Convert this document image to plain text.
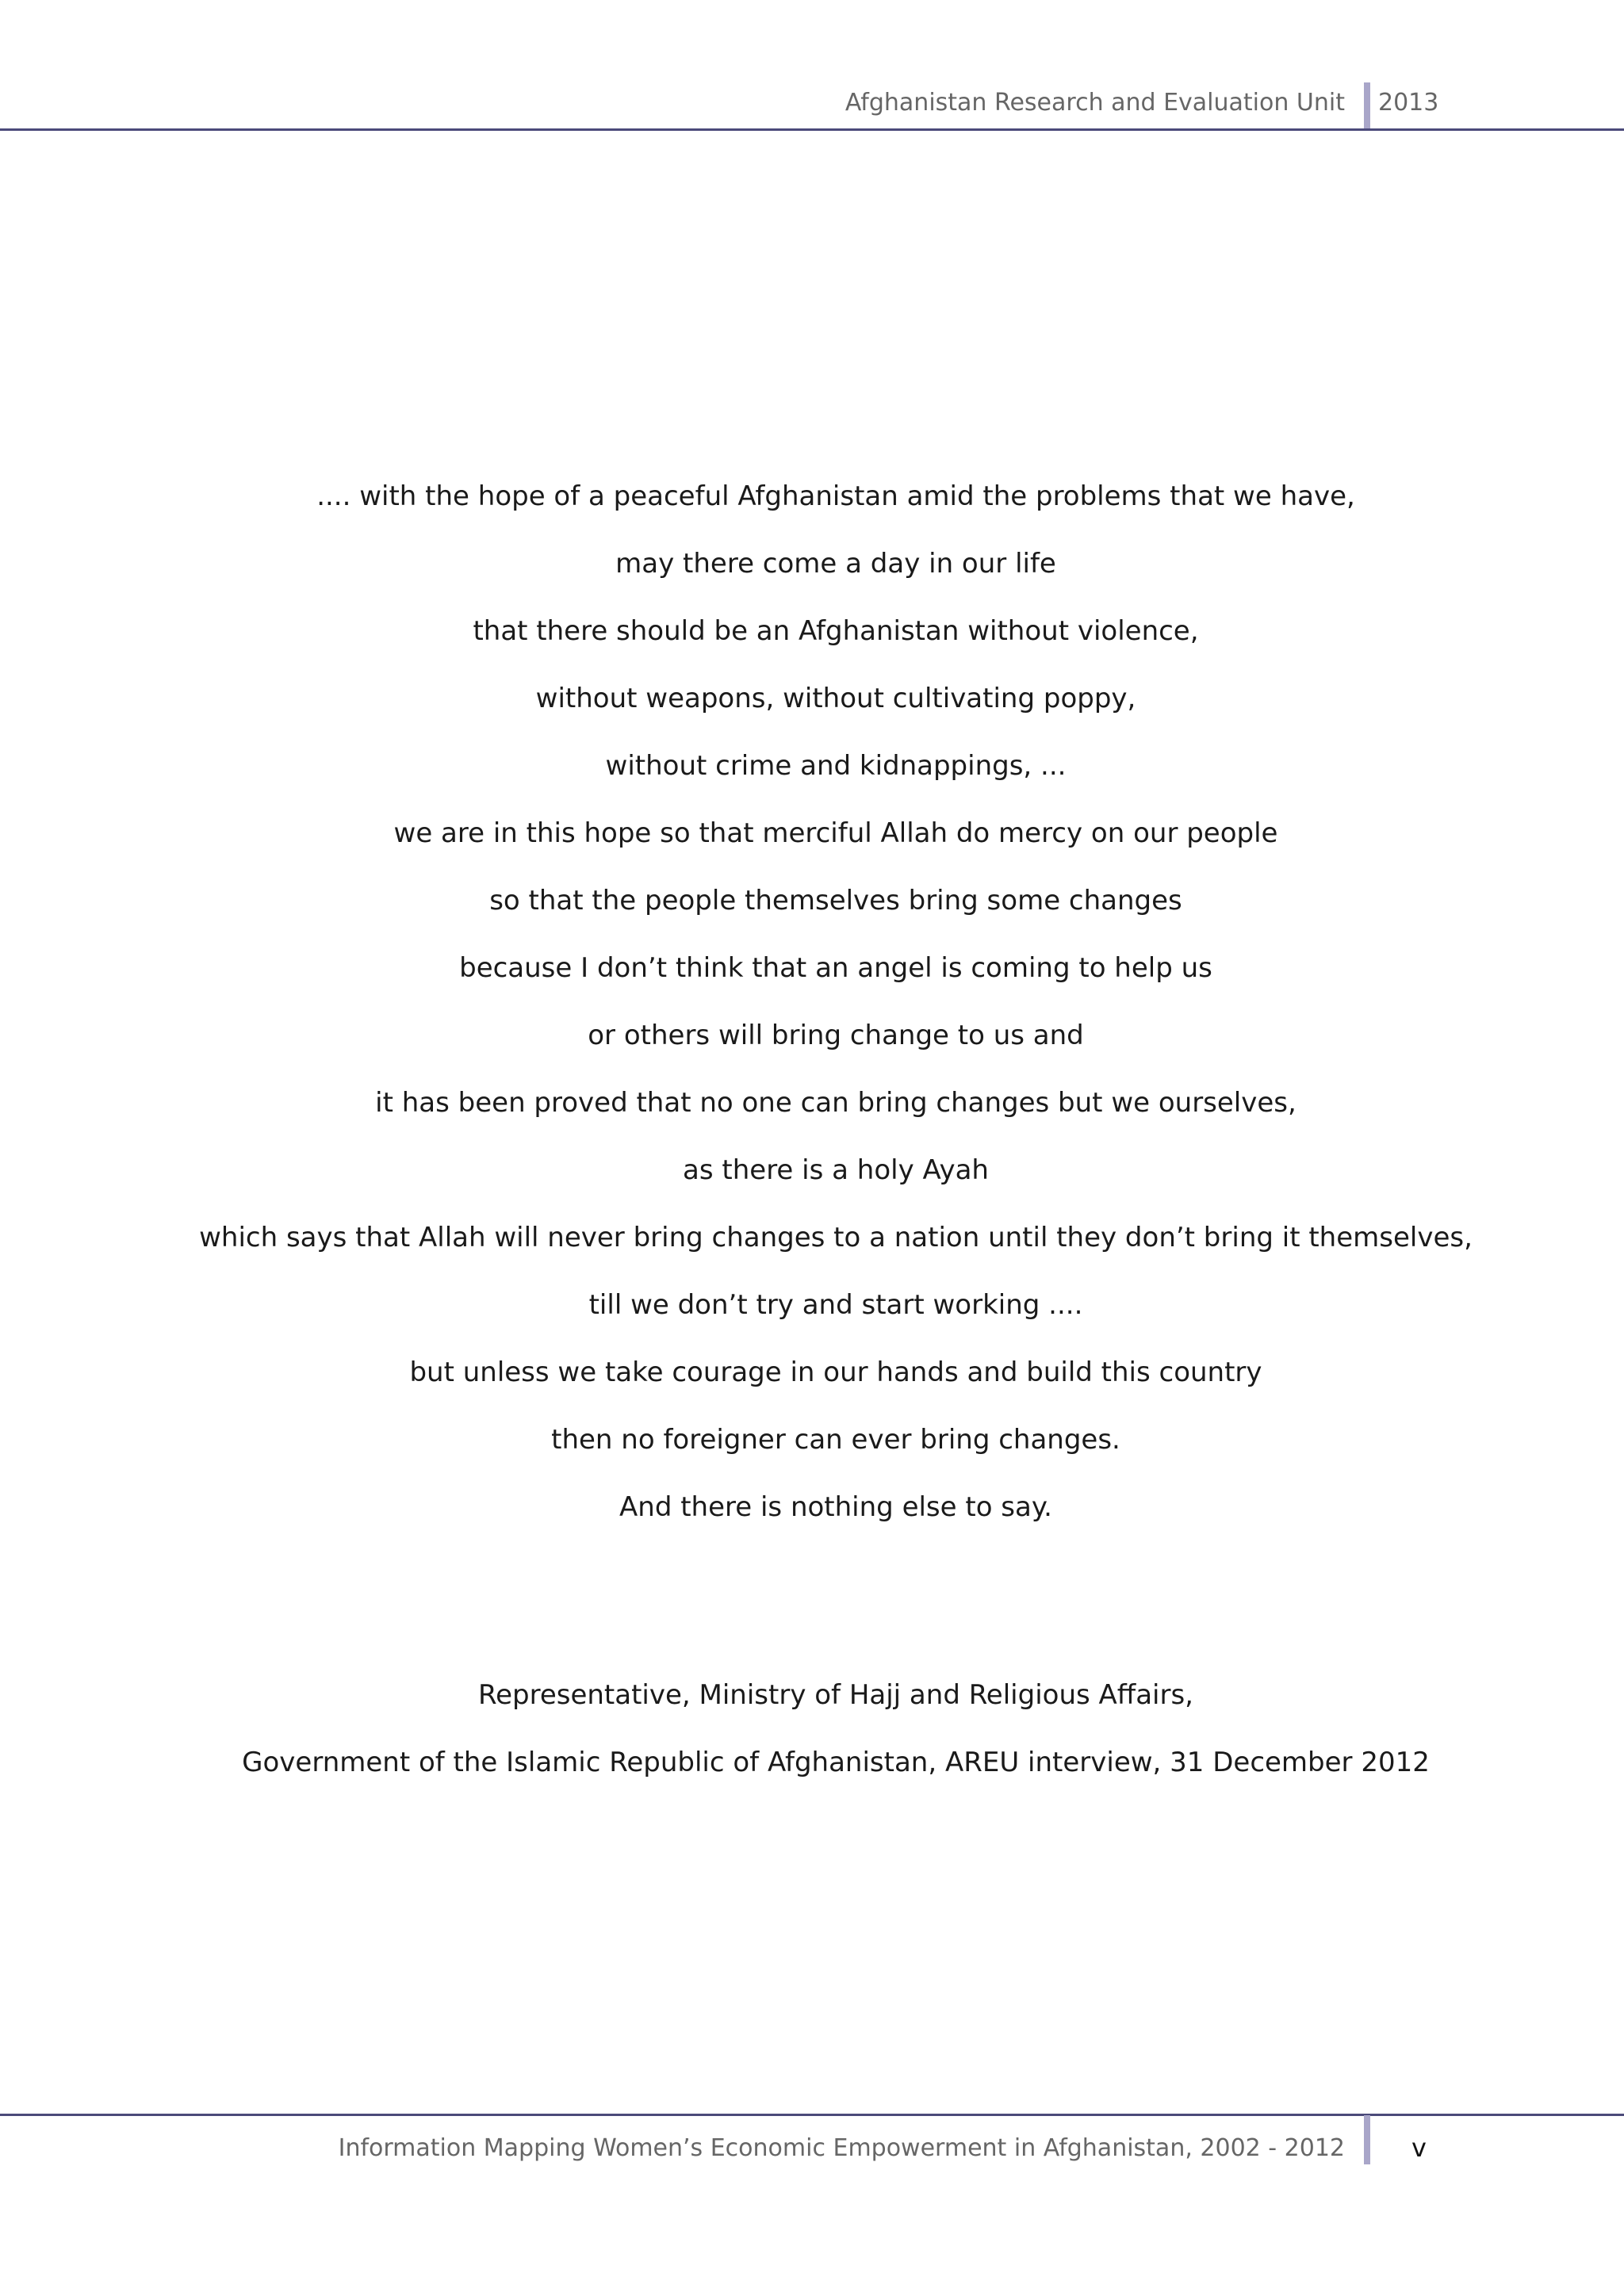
Afghanistan Research and Evaluation Unit 2013
.... with the hope of a peaceful Afghanistan amid the problems that we have,
may there come a day in our life
that there should be an Afghanistan without violence,
without weapons, without cultivating poppy,
without crime and kidnappings, ...
we are in this hope so that merciful Allah do mercy on our people
so that the people themselves bring some changes
because I don’t think that an angel is coming to help us
or others will bring change to us and
it has been proved that no one can bring changes but we ourselves,
as there is a holy Ayah
which says that Allah will never bring changes to a nation until they don’t bring it themselves,
till we don’t try and start working ....
but unless we take courage in our hands and build this country
then no foreigner can ever bring changes.
And there is nothing else to say.
Representative, Ministry of Hajj and Religious Affairs,
Government of the Islamic Republic of Afghanistan, AREU interview, 31 December 2012
Information Mapping Women’s Economic Empowerment in Afghanistan, 2002 - 2012	v
